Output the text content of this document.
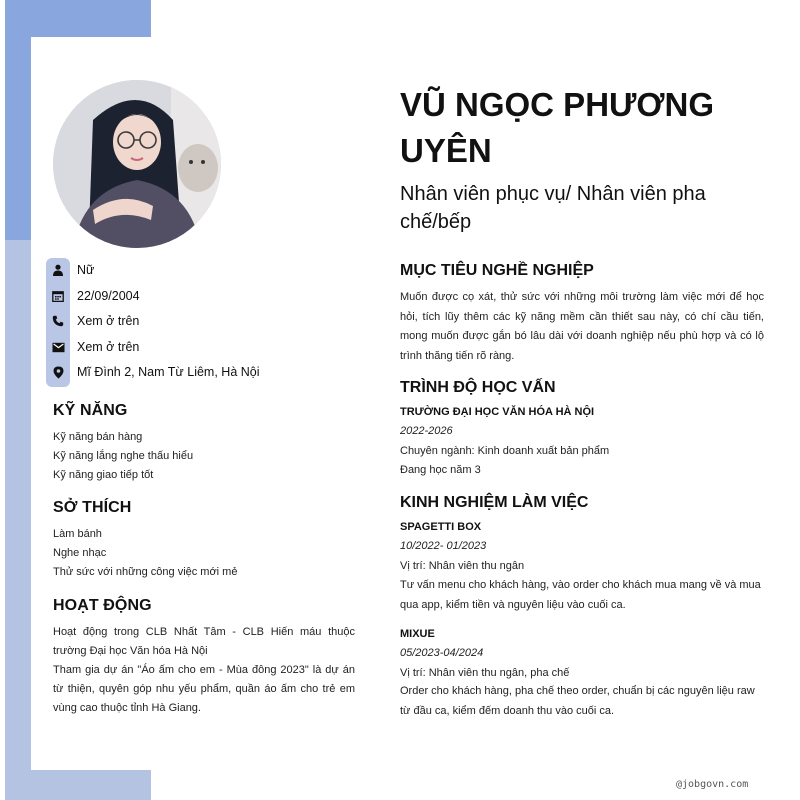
Nữ
22/09/2004
Xem ở trên
Xem ở trên
Mĩ Đình 2, Nam Từ Liêm, Hà Nội
KỸ NĂNG
Kỹ năng bán hàng
Kỹ năng lắng nghe thấu hiểu
Kỹ năng giao tiếp tốt
SỞ THÍCH
Làm bánh
Nghe nhạc
Thử sức với những công việc mới mẻ
HOẠT ĐỘNG
Hoạt động trong CLB Nhất Tâm - CLB Hiến máu thuộc trường Đại học Văn hóa Hà Nội
Tham gia dự án "Áo ấm cho em - Mùa đông 2023" là dự án từ thiện, quyên góp nhu yếu phẩm, quần áo ấm cho trẻ em vùng cao thuộc tỉnh Hà Giang.
VŨ NGỌC PHƯƠNG UYÊN
Nhân viên phục vụ/ Nhân viên pha chế/bếp
MỤC TIÊU NGHỀ NGHIỆP
Muốn được cọ xát, thử sức với những môi trường làm việc mới để học hỏi, tích lũy thêm các kỹ năng mềm cần thiết sau này, có chí cầu tiến, mong muốn được gắn bó lâu dài với doanh nghiệp nếu phù hợp và có lộ trình thăng tiến rõ ràng.
TRÌNH ĐỘ HỌC VẤN
TRƯỜNG ĐẠI HỌC VĂN HÓA HÀ NỘI
2022-2026
Chuyên ngành: Kinh doanh xuất bản phẩm
Đang học năm 3
KINH NGHIỆM LÀM VIỆC
SPAGETTI BOX
10/2022- 01/2023
Vị trí: Nhân viên thu ngân
Tư vấn menu cho khách hàng, vào order cho khách mua mang về và mua qua app, kiểm tiền và nguyên liệu vào cuối ca.
MIXUE
05/2023-04/2024
Vị trí: Nhân viên thu ngân, pha chế
Order cho khách hàng, pha chế theo order, chuẩn bị các nguyên liệu raw từ đầu ca, kiểm đếm doanh thu vào cuối ca.
@jobgovn.com
